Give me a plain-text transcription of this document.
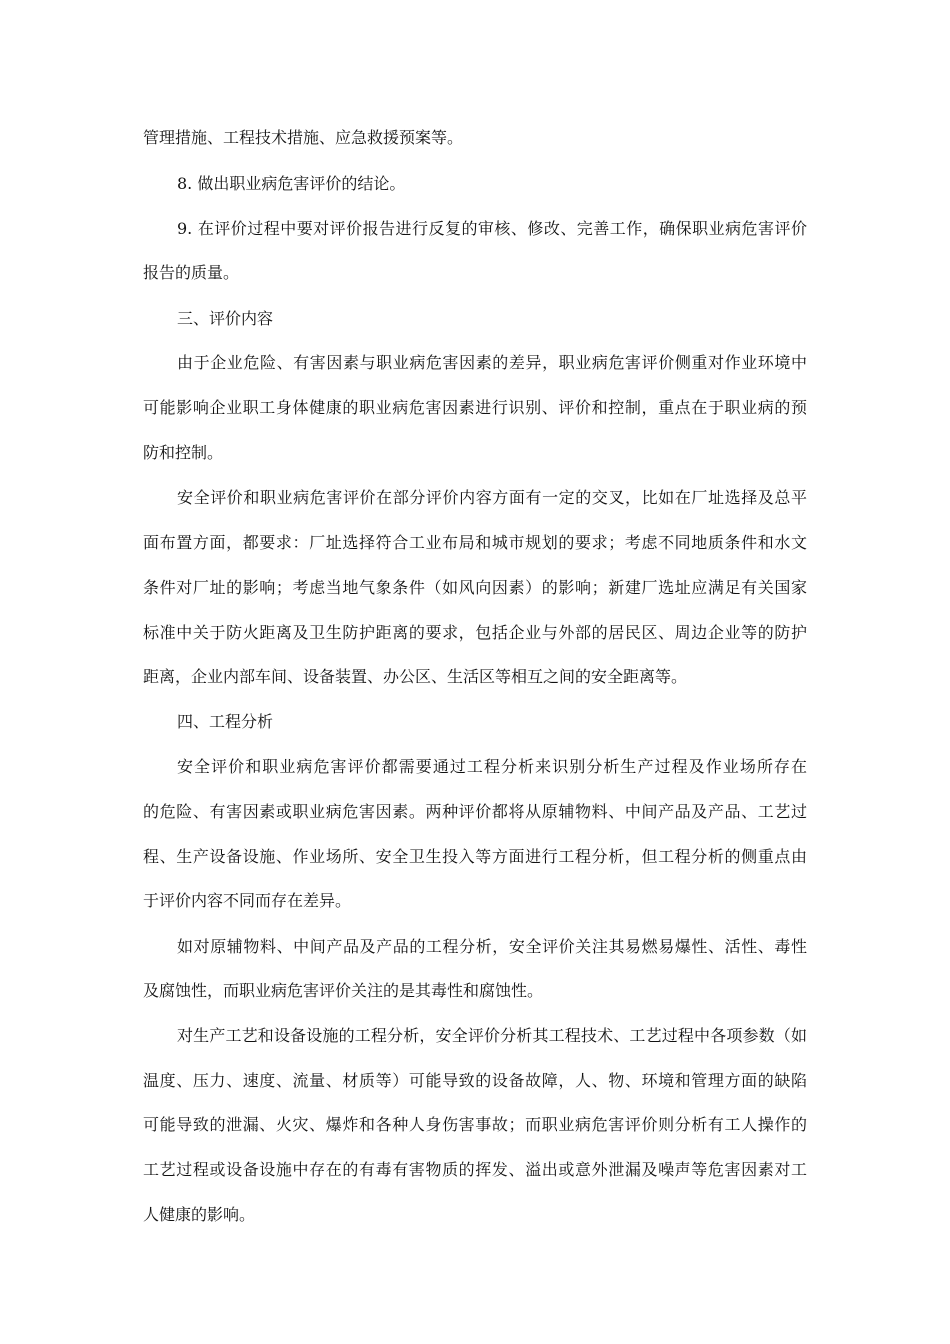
管理措施、工程技术措施、应急救援预案等。
8. 做出职业病危害评价的结论。
9. 在评价过程中要对评价报告进行反复的审核、修改、完善工作，确保职业病危害评价
报告的质量。
三、评价内容
由于企业危险、有害因素与职业病危害因素的差异，职业病危害评价侧重对作业环境中
可能影响企业职工身体健康的职业病危害因素进行识别、评价和控制，重点在于职业病的预
防和控制。
安全评价和职业病危害评价在部分评价内容方面有一定的交叉，比如在厂址选择及总平
面布置方面，都要求：厂址选择符合工业布局和城市规划的要求；考虑不同地质条件和水文
条件对厂址的影响；考虑当地气象条件（如风向因素）的影响；新建厂选址应满足有关国家
标准中关于防火距离及卫生防护距离的要求，包括企业与外部的居民区、周边企业等的防护
距离，企业内部车间、设备装置、办公区、生活区等相互之间的安全距离等。
四、工程分析
安全评价和职业病危害评价都需要通过工程分析来识别分析生产过程及作业场所存在
的危险、有害因素或职业病危害因素。两种评价都将从原辅物料、中间产品及产品、工艺过
程、生产设备设施、作业场所、安全卫生投入等方面进行工程分析，但工程分析的侧重点由
于评价内容不同而存在差异。
如对原辅物料、中间产品及产品的工程分析，安全评价关注其易燃易爆性、活性、毒性
及腐蚀性，而职业病危害评价关注的是其毒性和腐蚀性。
对生产工艺和设备设施的工程分析，安全评价分析其工程技术、工艺过程中各项参数（如
温度、压力、速度、流量、材质等）可能导致的设备故障，人、物、环境和管理方面的缺陷
可能导致的泄漏、火灾、爆炸和各种人身伤害事故；而职业病危害评价则分析有工人操作的
工艺过程或设备设施中存在的有毒有害物质的挥发、溢出或意外泄漏及噪声等危害因素对工
人健康的影响。
